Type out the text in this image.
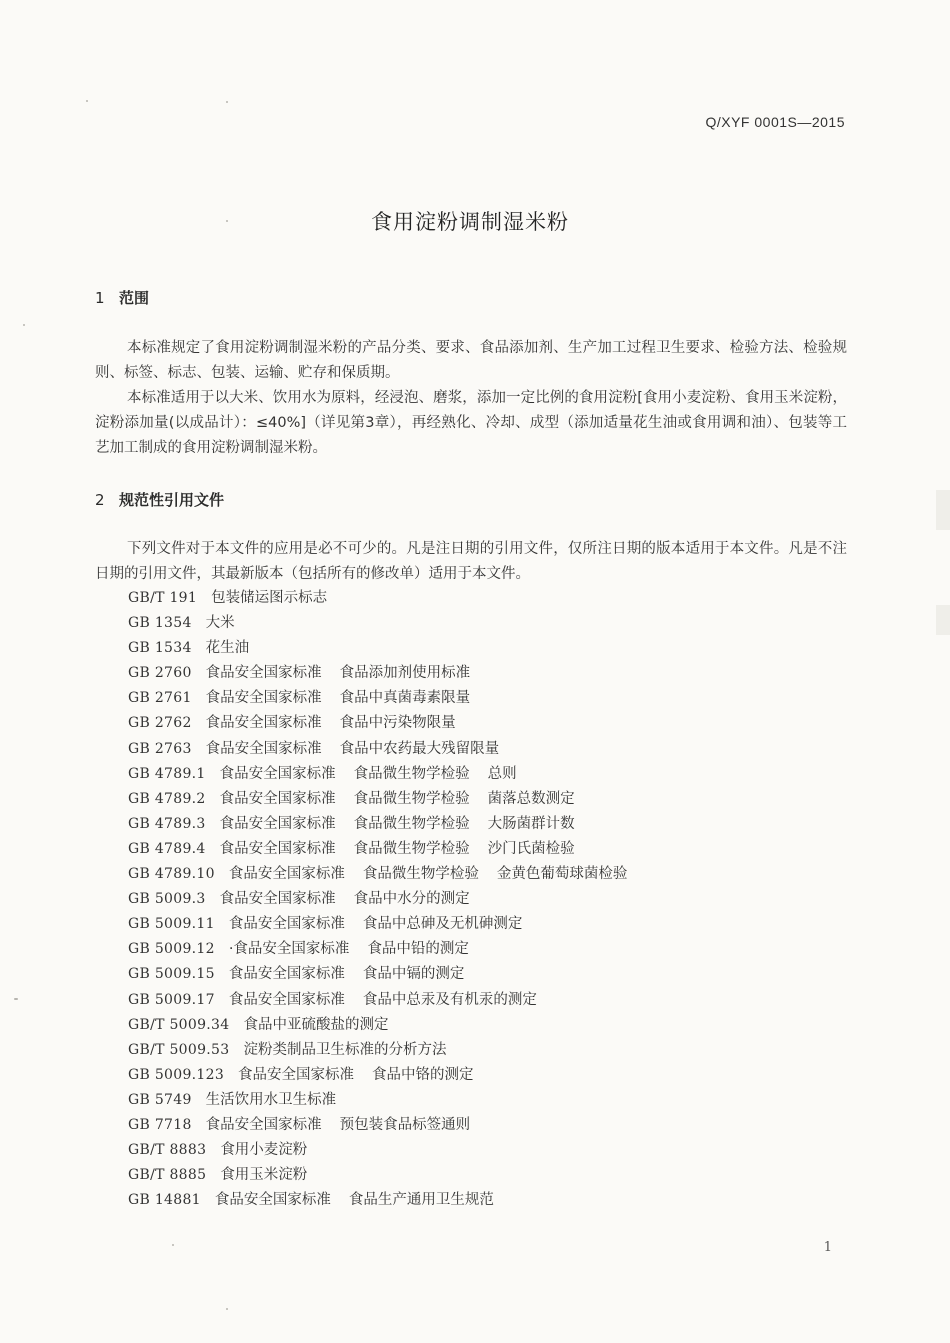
Q/XYF 0001S—2015
食用淀粉调制湿米粉
1 范围
本标准规定了食用淀粉调制湿米粉的产品分类、要求、食品添加剂、生产加工过程卫生要求、检验方法、检验规则、标签、标志、包装、运输、贮存和保质期。
本标准适用于以大米、饮用水为原料，经浸泡、磨浆，添加一定比例的食用淀粉[食用小麦淀粉、食用玉米淀粉，淀粉添加量(以成品计）：≤40%]（详见第3章），再经熟化、冷却、成型（添加适量花生油或食用调和油）、包装等工艺加工制成的食用淀粉调制湿米粉。
2 规范性引用文件
下列文件对于本文件的应用是必不可少的。凡是注日期的引用文件，仅所注日期的版本适用于本文件。凡是不注日期的引用文件，其最新版本（包括所有的修改单）适用于本文件。
GB/T 191 包装储运图示标志
GB 1354 大米
GB 1534 花生油
GB 2760 食品安全国家标准 食品添加剂使用标准
GB 2761 食品安全国家标准 食品中真菌毒素限量
GB 2762 食品安全国家标准 食品中污染物限量
GB 2763 食品安全国家标准 食品中农药最大残留限量
GB 4789.1 食品安全国家标准 食品微生物学检验 总则
GB 4789.2 食品安全国家标准 食品微生物学检验 菌落总数测定
GB 4789.3 食品安全国家标准 食品微生物学检验 大肠菌群计数
GB 4789.4 食品安全国家标准 食品微生物学检验 沙门氏菌检验
GB 4789.10 食品安全国家标准 食品微生物学检验 金黄色葡萄球菌检验
GB 5009.3 食品安全国家标准 食品中水分的测定
GB 5009.11 食品安全国家标准 食品中总砷及无机砷测定
GB 5009.12 ·食品安全国家标准 食品中铅的测定
GB 5009.15 食品安全国家标准 食品中镉的测定
GB 5009.17 食品安全国家标准 食品中总汞及有机汞的测定
GB/T 5009.34 食品中亚硫酸盐的测定
GB/T 5009.53 淀粉类制品卫生标准的分析方法
GB 5009.123 食品安全国家标准 食品中铬的测定
GB 5749 生活饮用水卫生标准
GB 7718 食品安全国家标准 预包装食品标签通则
GB/T 8883 食用小麦淀粉
GB/T 8885 食用玉米淀粉
GB 14881 食品安全国家标准 食品生产通用卫生规范
1
